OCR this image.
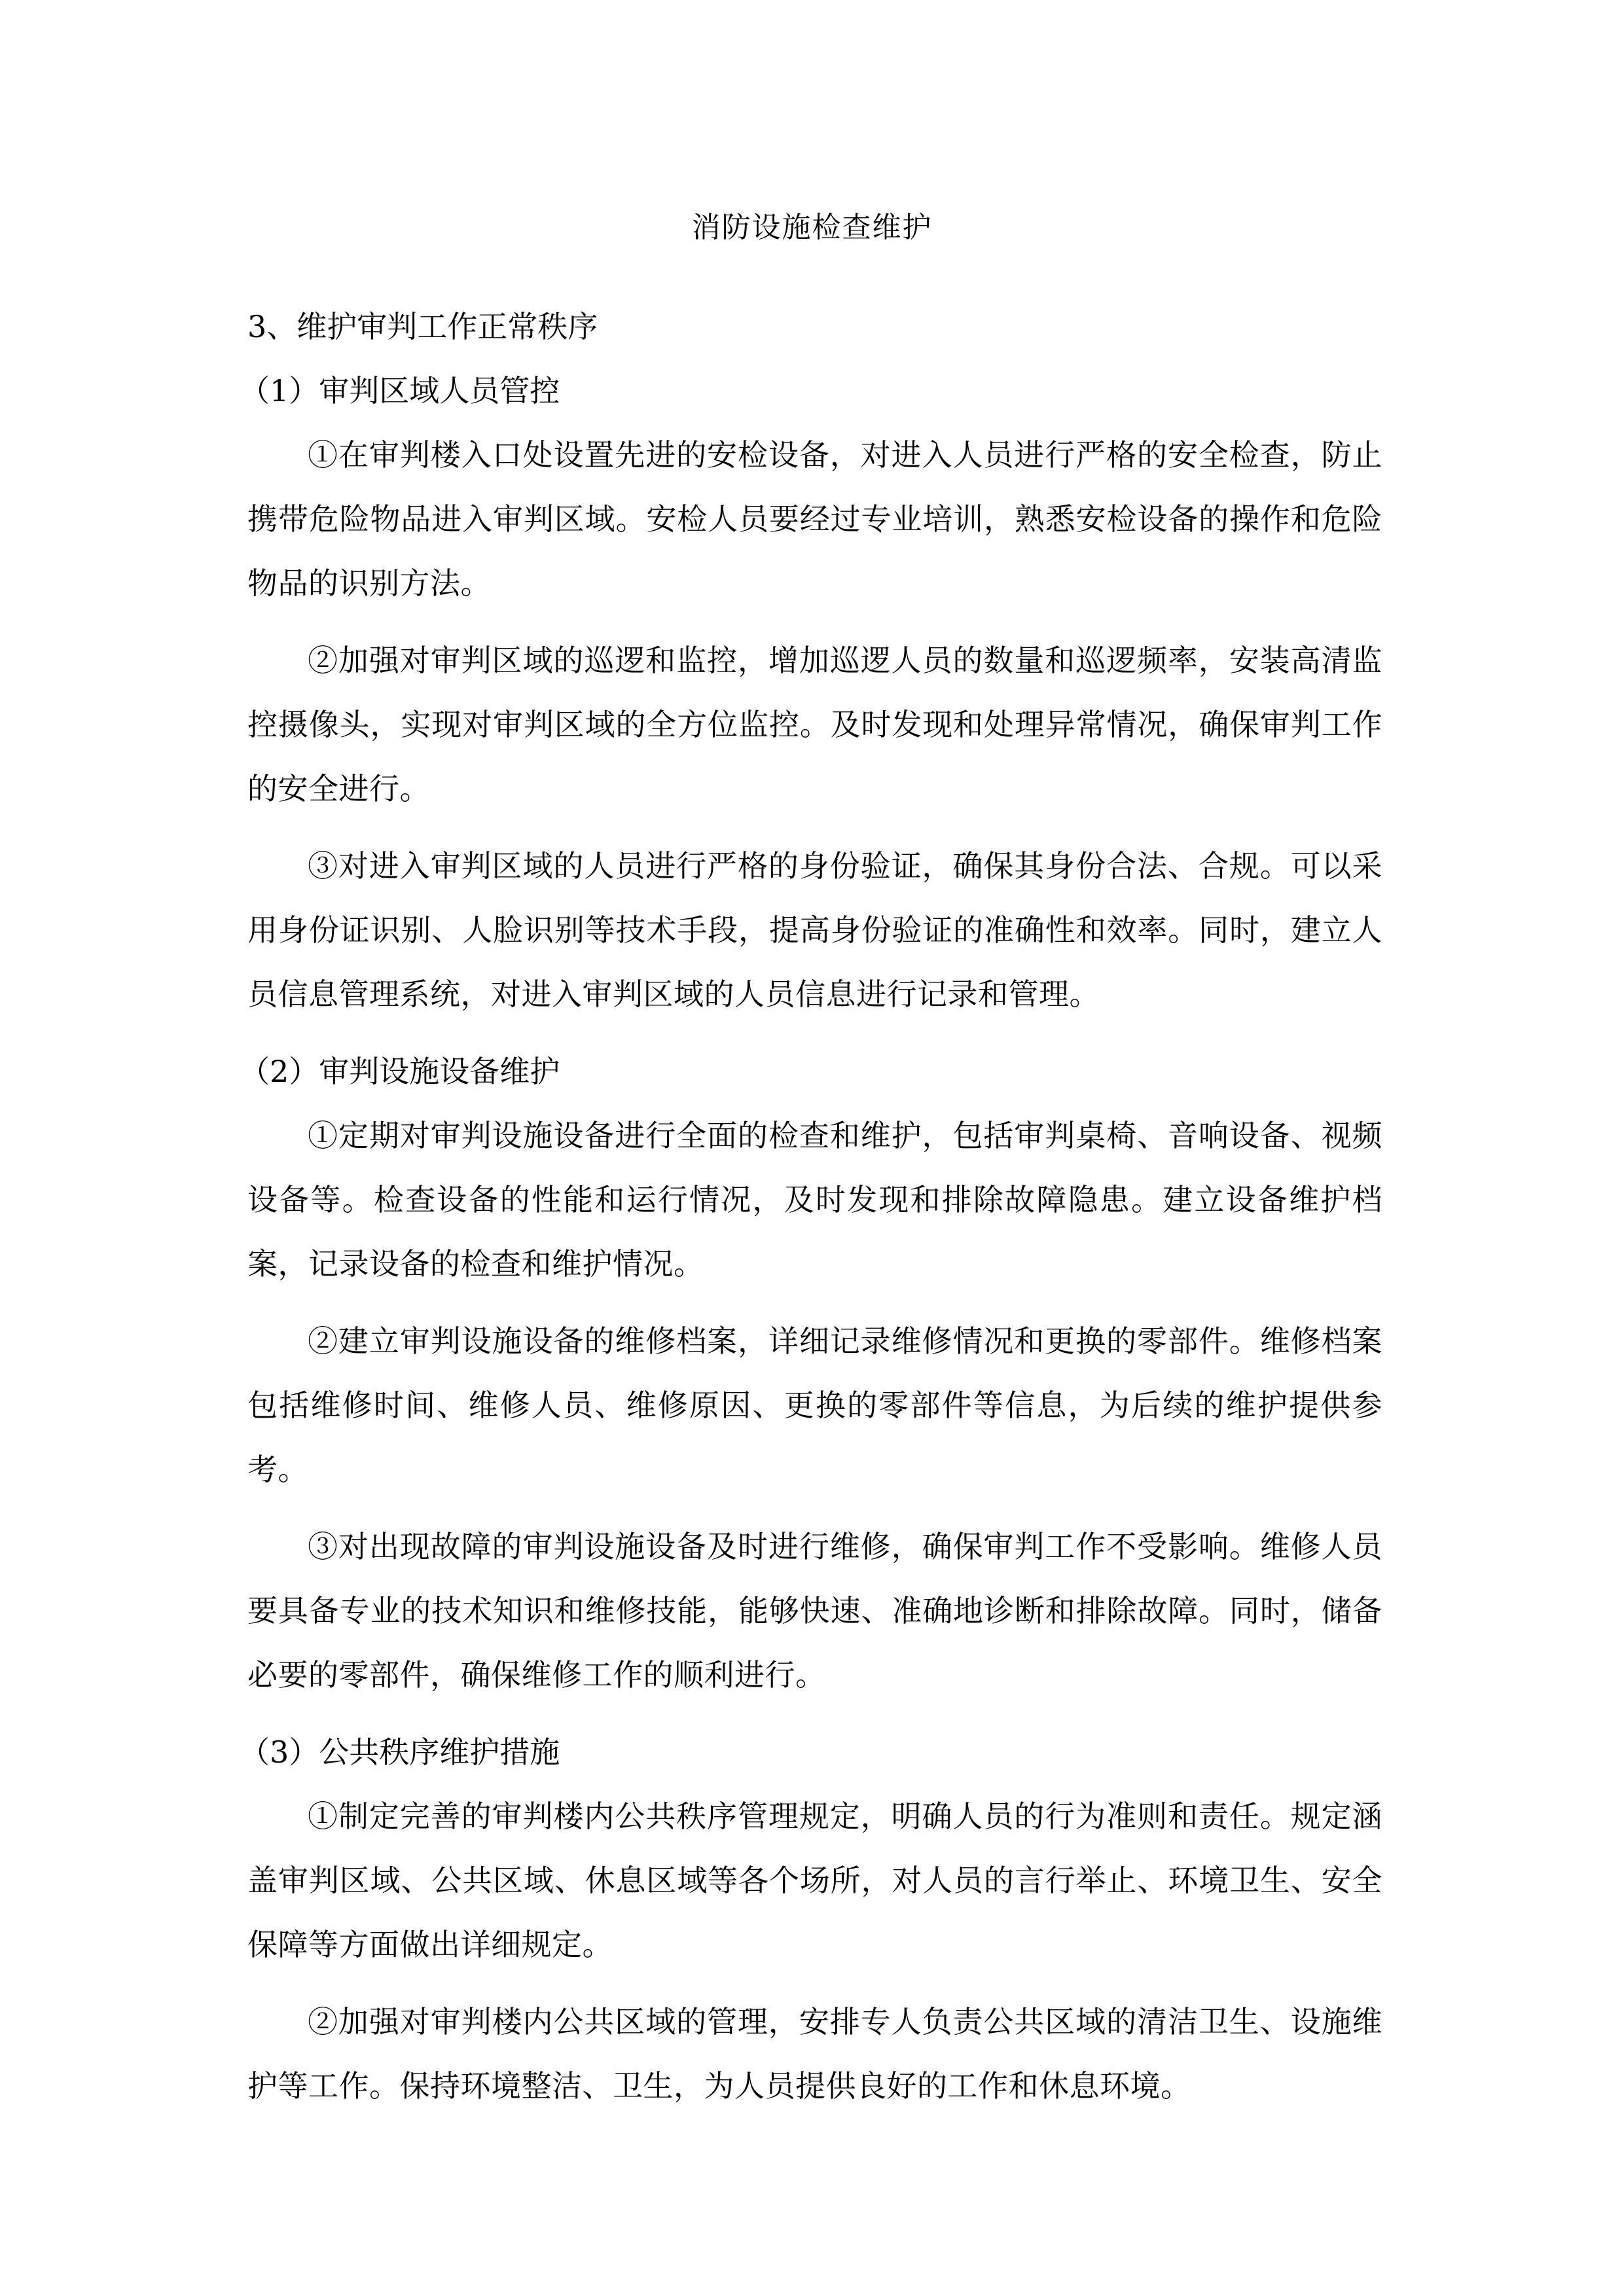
消防设施检查维护

3、维护审判工作正常秩序

（1）审判区域人员管控

①在审判楼入口处设置先进的安检设备，对进入人员进行严格的安全检查，防止携带危险物品进入审判区域。安检人员要经过专业培训，熟悉安检设备的操作和危险物品的识别方法。

②加强对审判区域的巡逻和监控，增加巡逻人员的数量和巡逻频率，安装高清监控摄像头，实现对审判区域的全方位监控。及时发现和处理异常情况，确保审判工作的安全进行。

③对进入审判区域的人员进行严格的身份验证，确保其身份合法、合规。可以采用身份证识别、人脸识别等技术手段，提高身份验证的准确性和效率。同时，建立人员信息管理系统，对进入审判区域的人员信息进行记录和管理。

（2）审判设施设备维护

①定期对审判设施设备进行全面的检查和维护，包括审判桌椅、音响设备、视频设备等。检查设备的性能和运行情况，及时发现和排除故障隐患。建立设备维护档案，记录设备的检查和维护情况。

②建立审判设施设备的维修档案，详细记录维修情况和更换的零部件。维修档案包括维修时间、维修人员、维修原因、更换的零部件等信息，为后续的维护提供参考。

③对出现故障的审判设施设备及时进行维修，确保审判工作不受影响。维修人员要具备专业的技术知识和维修技能，能够快速、准确地诊断和排除故障。同时，储备必要的零部件，确保维修工作的顺利进行。

（3）公共秩序维护措施

①制定完善的审判楼内公共秩序管理规定，明确人员的行为准则和责任。规定涵盖审判区域、公共区域、休息区域等各个场所，对人员的言行举止、环境卫生、安全保障等方面做出详细规定。

②加强对审判楼内公共区域的管理，安排专人负责公共区域的清洁卫生、设施维护等工作。保持环境整洁、卫生，为人员提供良好的工作和休息环境。
